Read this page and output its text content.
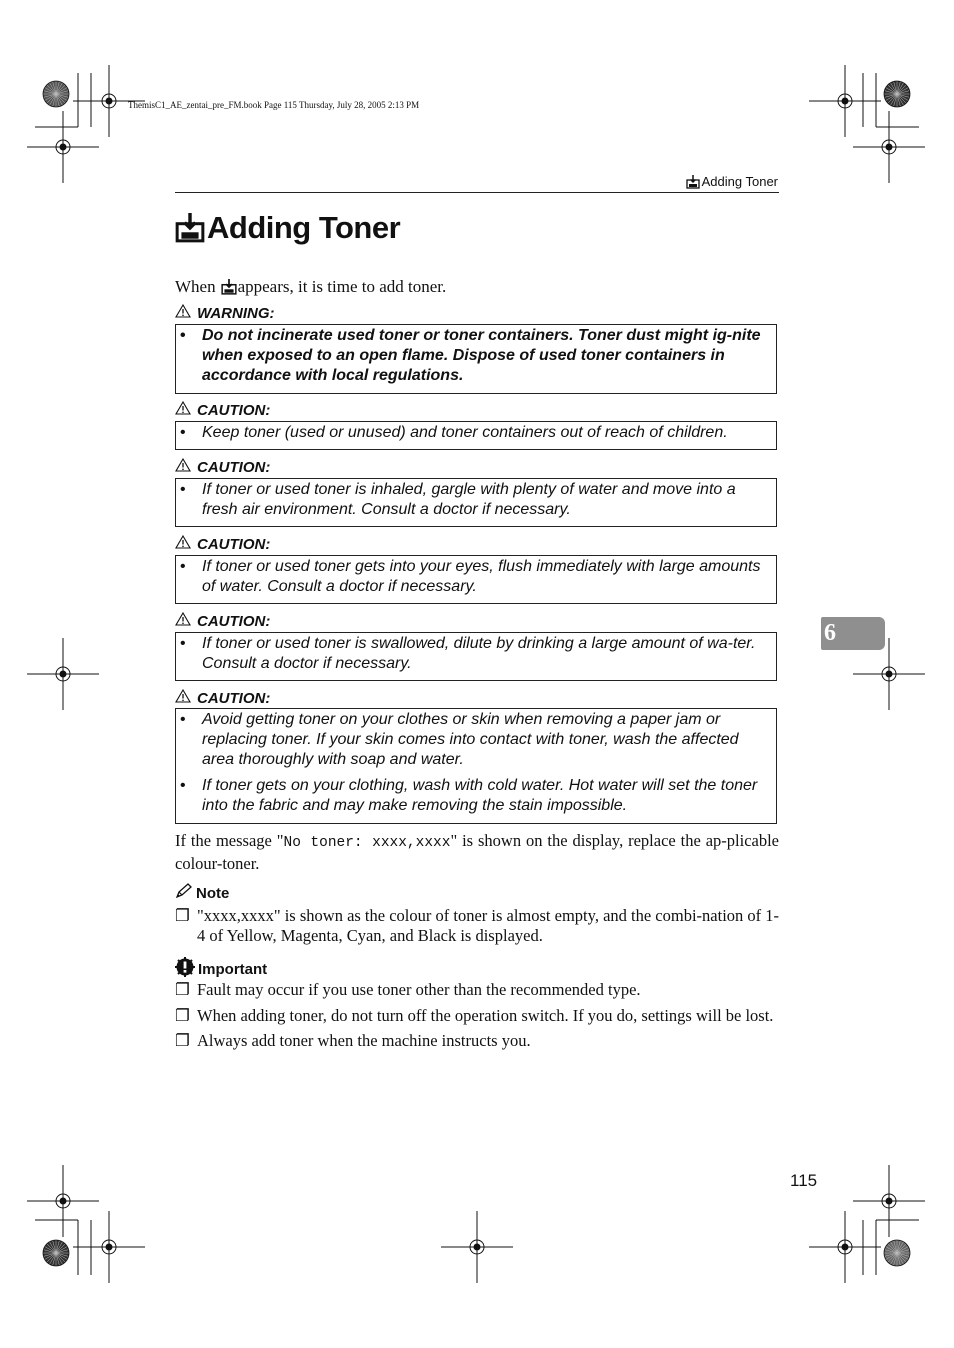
ThemisC1_AE_zentai_pre_FM.book Page 115 Thursday, July 28, 2005 2:13 PM
Adding Toner
Adding Toner
When appears, it is time to add toner.
WARNING:
• Do not incinerate used toner or toner containers. Toner dust might ig-nite when exposed to an open flame. Dispose of used toner containers in accordance with local regulations.
CAUTION:
• Keep toner (used or unused) and toner containers out of reach of children.
CAUTION:
• If toner or used toner is inhaled, gargle with plenty of water and move into a fresh air environment. Consult a doctor if necessary.
CAUTION:
• If toner or used toner gets into your eyes, flush immediately with large amounts of water. Consult a doctor if necessary.
CAUTION:
• If toner or used toner is swallowed, dilute by drinking a large amount of wa-ter. Consult a doctor if necessary.
CAUTION:
• Avoid getting toner on your clothes or skin when removing a paper jam or replacing toner. If your skin comes into contact with toner, wash the affected area thoroughly with soap and water.
• If toner gets on your clothing, wash with cold water. Hot water will set the toner into the fabric and may make removing the stain impossible.
If the message "No toner: xxxx,xxxx" is shown on the display, replace the ap-plicable colour-toner.
Note
❐ "xxxx,xxxx" is shown as the colour of toner is almost empty, and the combi-nation of 1-4 of Yellow, Magenta, Cyan, and Black is displayed.
Important
❐ Fault may occur if you use toner other than the recommended type.
❐ When adding toner, do not turn off the operation switch. If you do, settings will be lost.
❐ Always add toner when the machine instructs you.
6
115
